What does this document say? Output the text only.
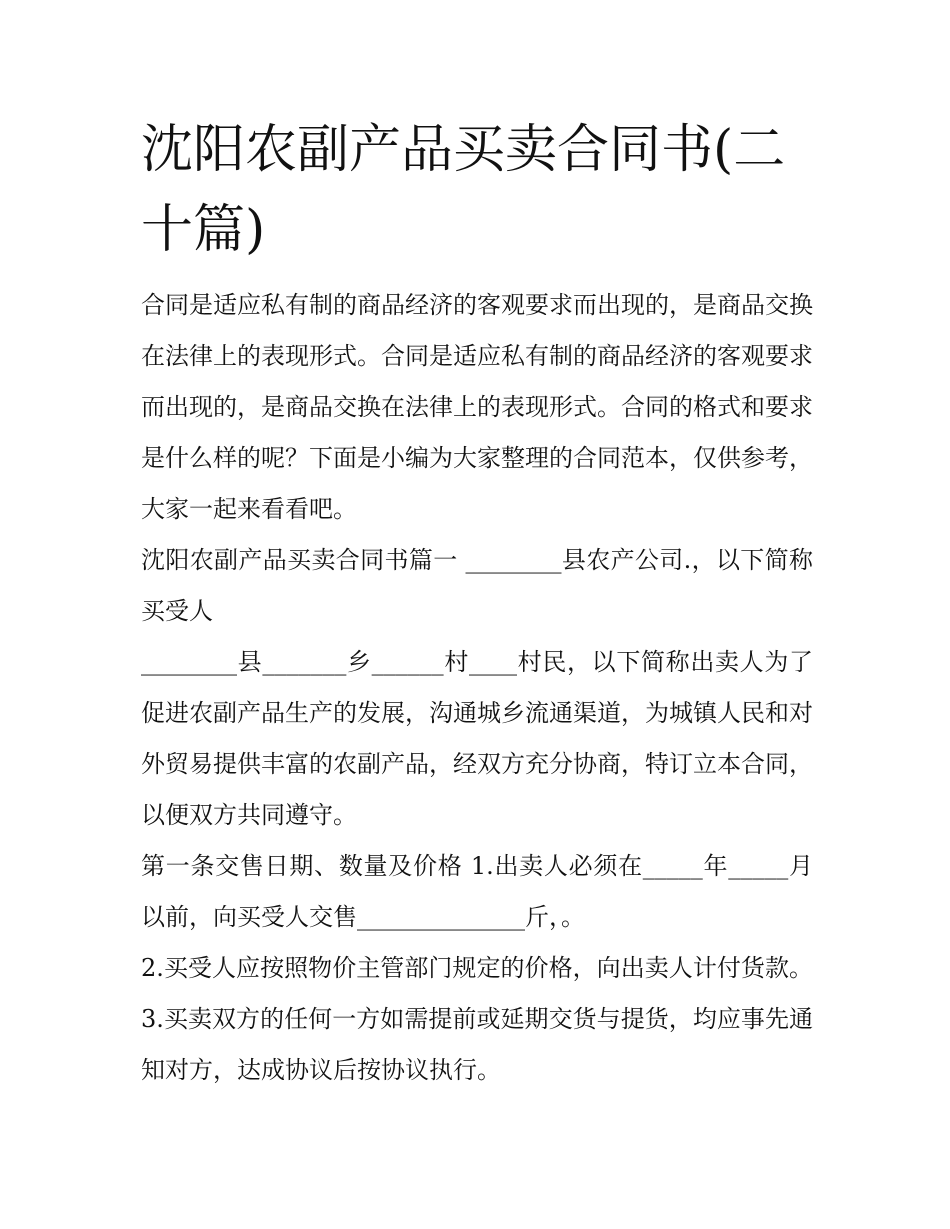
沈阳农副产品买卖合同书(二十篇)

合同是适应私有制的商品经济的客观要求而出现的，是商品交换在法律上的表现形式。合同是适应私有制的商品经济的客观要求而出现的，是商品交换在法律上的表现形式。合同的格式和要求是什么样的呢？下面是小编为大家整理的合同范本，仅供参考，大家一起来看看吧。

沈阳农副产品买卖合同书篇一 ________县农产公司.，以下简称买受人

________县_______乡______村____村民，以下简称出卖人为了促进农副产品生产的发展，沟通城乡流通渠道，为城镇人民和对外贸易提供丰富的农副产品，经双方充分协商，特订立本合同，以便双方共同遵守。

第一条交售日期、数量及价格 1.出卖人必须在_____年_____月以前，向买受人交售______________斤，。

2.买受人应按照物价主管部门规定的价格，向出卖人计付货款。 3.买卖双方的任何一方如需提前或延期交货与提货，均应事先通知对方，达成协议后按协议执行。
